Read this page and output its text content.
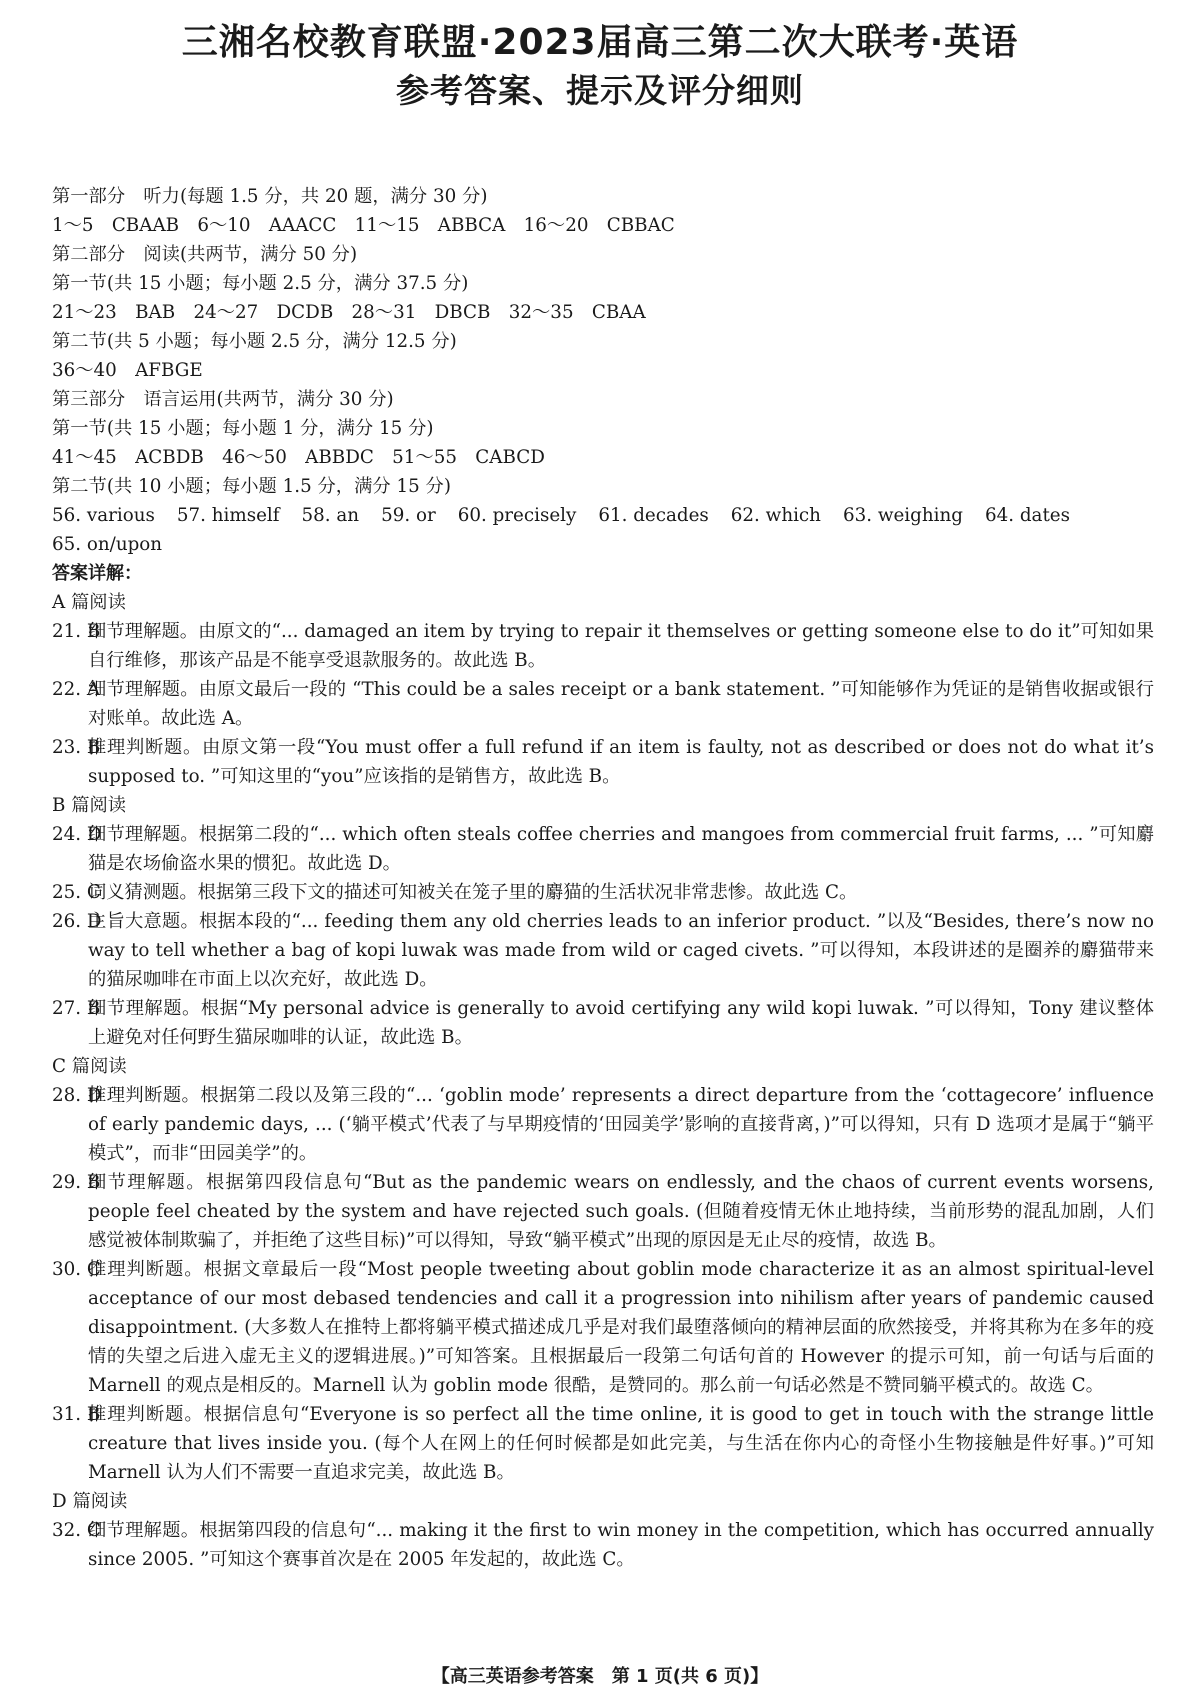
三湘名校教育联盟·2023届高三第二次大联考·英语
参考答案、提示及评分细则
第一部分　听力(每题 1.5 分，共 20 题，满分 30 分)
1～5　CBAAB　6～10　AAACC　11～15　ABBCA　16～20　CBBAC
第二部分　阅读(共两节，满分 50 分)
第一节(共 15 小题；每小题 2.5 分，满分 37.5 分)
21～23　BAB　24～27　DCDB　28～31　DBCB　32～35　CBAA
第二节(共 5 小题；每小题 2.5 分，满分 12.5 分)
36～40　AFBGE
第三部分　语言运用(共两节，满分 30 分)
第一节(共 15 小题；每小题 1 分，满分 15 分)
41～45　ACBDB　46～50　ABBDC　51～55　CABCD
第二节(共 10 小题；每小题 1.5 分，满分 15 分)
56. various 57. himself 58. an 59. or 60. precisely 61. decades 62. which 63. weighing 64. dates
65. on/upon
答案详解：
A 篇阅读
21. B
细节理解题。由原文的“... damaged an item by trying to repair it themselves or getting someone else to do it”可知如果自行维修，那该产品是不能享受退款服务的。故此选 B。
22. A
细节理解题。由原文最后一段的 “This could be a sales receipt or a bank statement. ”可知能够作为凭证的是销售收据或银行对账单。故此选 A。
23. B
推理判断题。由原文第一段“You must offer a full refund if an item is faulty, not as described or does not do what it’s supposed to. ”可知这里的“you”应该指的是销售方，故此选 B。
B 篇阅读
24. D
细节理解题。根据第二段的“... which often steals coffee cherries and mangoes from commercial fruit farms, ... ”可知麝猫是农场偷盗水果的惯犯。故此选 D。
25. C
词义猜测题。根据第三段下文的描述可知被关在笼子里的麝猫的生活状况非常悲惨。故此选 C。
26. D
主旨大意题。根据本段的“... feeding them any old cherries leads to an inferior product. ”以及“Besides, there’s now no way to tell whether a bag of kopi luwak was made from wild or caged civets. ”可以得知，本段讲述的是圈养的麝猫带来的猫尿咖啡在市面上以次充好，故此选 D。
27. B
细节理解题。根据“My personal advice is generally to avoid certifying any wild kopi luwak. ”可以得知，Tony 建议整体上避免对任何野生猫尿咖啡的认证，故此选 B。
C 篇阅读
28. D
推理判断题。根据第二段以及第三段的“... ‘goblin mode’ represents a direct departure from the ‘cottagecore’ influence of early pandemic days, ... (‘躺平模式’代表了与早期疫情的‘田园美学’影响的直接背离，)”可以得知，只有 D 选项才是属于“躺平模式”，而非“田园美学”的。
29. B
细节理解题。根据第四段信息句“But as the pandemic wears on endlessly, and the chaos of current events worsens, people feel cheated by the system and have rejected such goals. (但随着疫情无休止地持续，当前形势的混乱加剧，人们感觉被体制欺骗了，并拒绝了这些目标)”可以得知，导致“躺平模式”出现的原因是无止尽的疫情，故选 B。
30. C
推理判断题。根据文章最后一段“Most people tweeting about goblin mode characterize it as an almost spiritual-level acceptance of our most debased tendencies and call it a progression into nihilism after years of pandemic caused disappointment. (大多数人在推特上都将躺平模式描述成几乎是对我们最堕落倾向的精神层面的欣然接受，并将其称为在多年的疫情的失望之后进入虚无主义的逻辑进展。)”可知答案。且根据最后一段第二句话句首的 However 的提示可知，前一句话与后面的 Marnell 的观点是相反的。Marnell 认为 goblin mode 很酷，是赞同的。那么前一句话必然是不赞同躺平模式的。故选 C。
31. B
推理判断题。根据信息句“Everyone is so perfect all the time online, it is good to get in touch with the strange little creature that lives inside you. (每个人在网上的任何时候都是如此完美，与生活在你内心的奇怪小生物接触是件好事。)”可知 Marnell 认为人们不需要一直追求完美，故此选 B。
D 篇阅读
32. C
细节理解题。根据第四段的信息句“... making it the first to win money in the competition, which has occurred annually since 2005. ”可知这个赛事首次是在 2005 年发起的，故此选 C。
【高三英语参考答案　第 1 页(共 6 页)】
